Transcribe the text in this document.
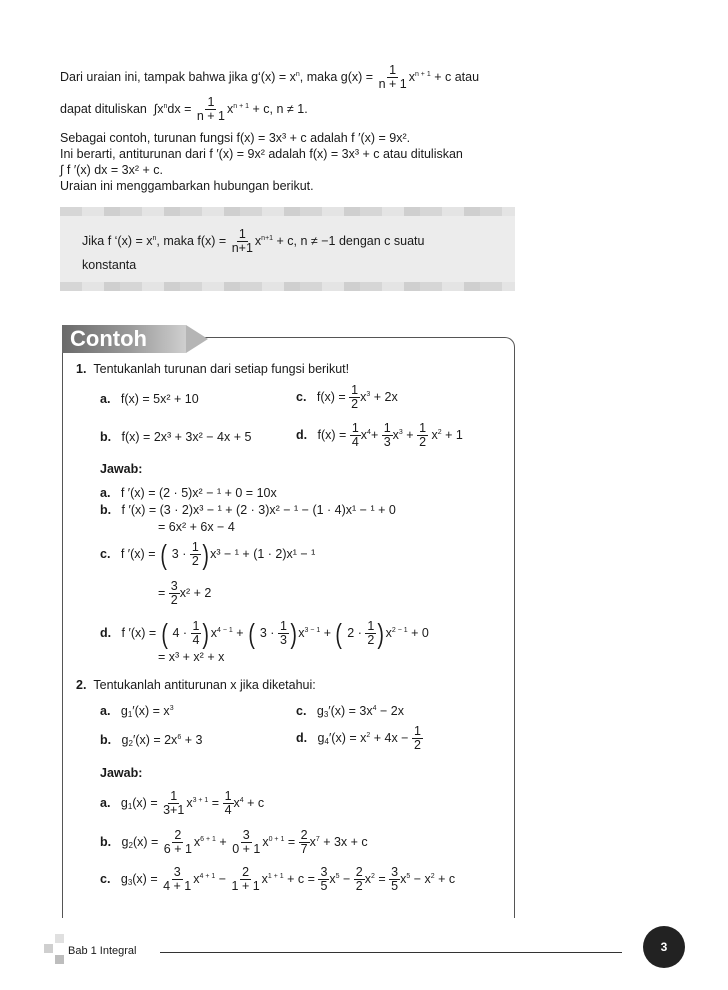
Dari uraian ini, tampak bahwa jika g‘(x) = $x^n$, maka $g(x) = \frac{1}{n + 1} x^{n + 1} + c$ atau
dapat dituliskan  $\int x^ndx = \frac{1}{n + 1} x^{n + 1} + c$, n ≠ 1.
Sebagai contoh, turunan fungsi f(x) = 3x³ + c adalah f ′(x) = 9x².
Ini berarti, antiturunan dari f ′(x) = 9x² adalah f(x) = 3x³ + c atau dituliskan
∫ f ′(x) dx = 3x² + c.
Uraian ini menggambarkan hubungan berikut.
Jika f ‘$(x) = x^n$, maka $f(x) = \frac{1}{n+1} x^{n+1} + c$, n ≠ −1 dengan c suatu
konstanta
Contoh
1. Tentukanlah turunan dari setiap fungsi berikut!
a. f(x) = 5x² + 10	c.   $f(x) = \frac{1}{2} x^3 + 2x$
b. f(x) = 2x³ + 3x² − 4x + 5	d.   $f(x) = \frac{1}{4} x^4+ \frac{1}{3} x^3 + \frac{1}{2} x^2 + 1$
Jawab:
a. f ′(x) = (2 · 5)x² − ¹ + 0 = 10x
b. f ′(x) = (3 · 2)x³ − ¹ + (2 · 3)x² − ¹ − (1 · 4)x¹ − ¹ + 0
= 6x² + 6x − 4
c.   f ′(x) = ( $3 \cdot \frac{1}{2} )x^3 - ^1 + (1 \cdot 2)x^1 - ^1$
= $\frac{3}{2} x^2 + 2$
d.   f ′(x) = ( $4 \cdot \frac{1}{4} )x^{4 - 1}$ + ( $3 \cdot \frac{1}{3} )x^{3 - 1}$ + ( $2 \cdot \frac{1}{2} )x^{2 - 1} + 0$
= x³ + x² + x
2. Tentukanlah antiturunan x jika diketahui:
a.   $g_1'(x) = x^3$	c.   $g_3'(x) = 3x^4 - 2x$
b.   $g_2'(x) = 2x^6 + 3$	d.   $g_4'(x) = x^2 + 4x - \frac{1}{2}$
Jawab:
a.   $g_1(x) = \frac{1}{3+1} x^{3 + 1} = \frac{1}{4} x^4 + c$
b.   $g_2(x) = \frac{2}{6 + 1} x^{6 + 1} + \frac{3}{0 + 1} x^{0 + 1} = \frac{2}{7} x^7 + 3x + c$
c.   $g_3(x) = \frac{3}{4 + 1} x^{4 + 1} - \frac{2}{1 + 1} x^{1 + 1} + c = \frac{3}{5} x^5 - \frac{2}{2} x^2 = \frac{3}{5} x^5 - x^2 + c$
Bab 1 Integral	3
